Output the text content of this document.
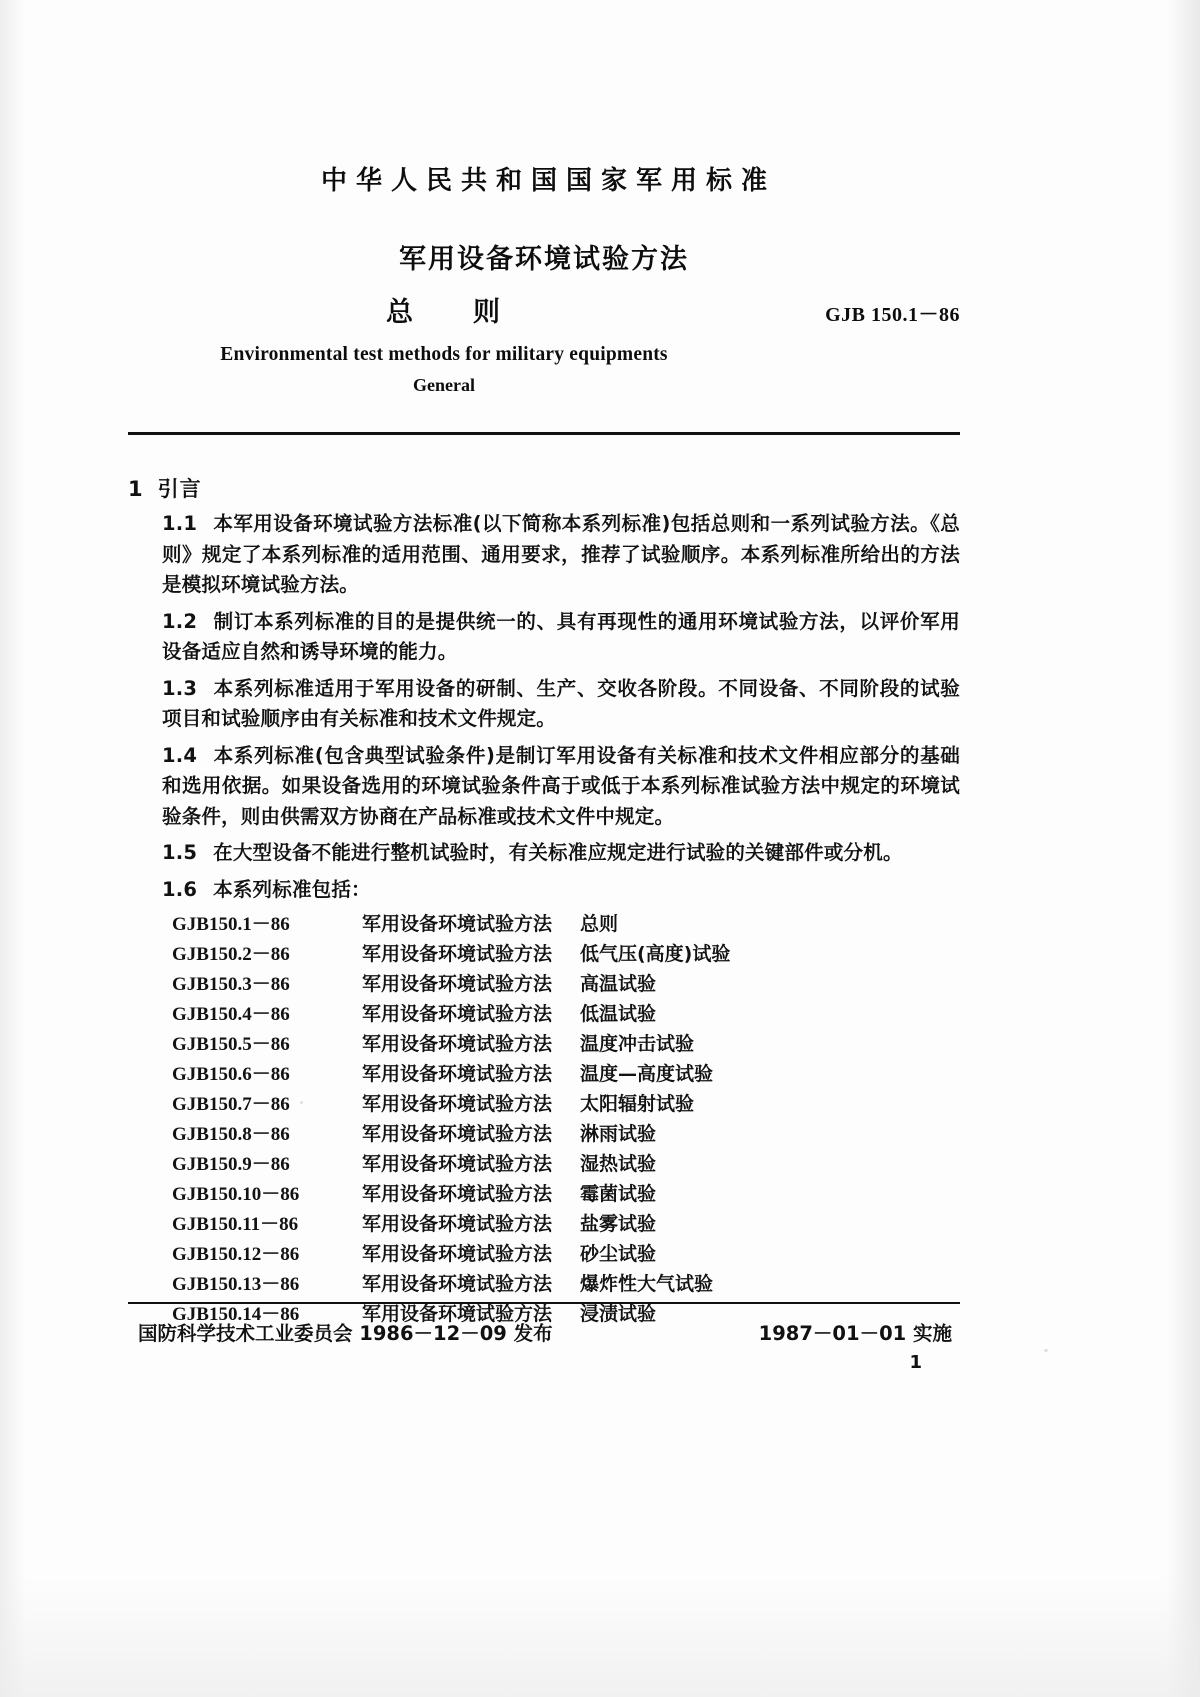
中华人民共和国国家军用标准
军用设备环境试验方法
总　　则	GJB 150.1－86
Environmental test methods for military equipments
General
1 引言
1.1 本军用设备环境试验方法标准(以下简称本系列标准)包括总则和一系列试验方法。《总则》规定了本系列标准的适用范围、通用要求，推荐了试验顺序。本系列标准所给出的方法是模拟环境试验方法。
1.2 制订本系列标准的目的是提供统一的、具有再现性的通用环境试验方法，以评价军用设备适应自然和诱导环境的能力。
1.3 本系列标准适用于军用设备的研制、生产、交收各阶段。不同设备、不同阶段的试验项目和试验顺序由有关标准和技术文件规定。
1.4 本系列标准(包含典型试验条件)是制订军用设备有关标准和技术文件相应部分的基础和选用依据。如果设备选用的环境试验条件高于或低于本系列标准试验方法中规定的环境试验条件，则由供需双方协商在产品标准或技术文件中规定。
1.5 在大型设备不能进行整机试验时，有关标准应规定进行试验的关键部件或分机。
1.6 本系列标准包括：
GJB150.1－86	军用设备环境试验方法	总则
GJB150.2－86	军用设备环境试验方法	低气压(高度)试验
GJB150.3－86	军用设备环境试验方法	高温试验
GJB150.4－86	军用设备环境试验方法	低温试验
GJB150.5－86	军用设备环境试验方法	温度冲击试验
GJB150.6－86	军用设备环境试验方法	温度—高度试验
GJB150.7－86	军用设备环境试验方法	太阳辐射试验
GJB150.8－86	军用设备环境试验方法	淋雨试验
GJB150.9－86	军用设备环境试验方法	湿热试验
GJB150.10－86	军用设备环境试验方法	霉菌试验
GJB150.11－86	军用设备环境试验方法	盐雾试验
GJB150.12－86	军用设备环境试验方法	砂尘试验
GJB150.13－86	军用设备环境试验方法	爆炸性大气试验
GJB150.14－86	军用设备环境试验方法	浸渍试验
国防科学技术工业委员会 1986－12－09 发布	1987－01－01 实施
1
